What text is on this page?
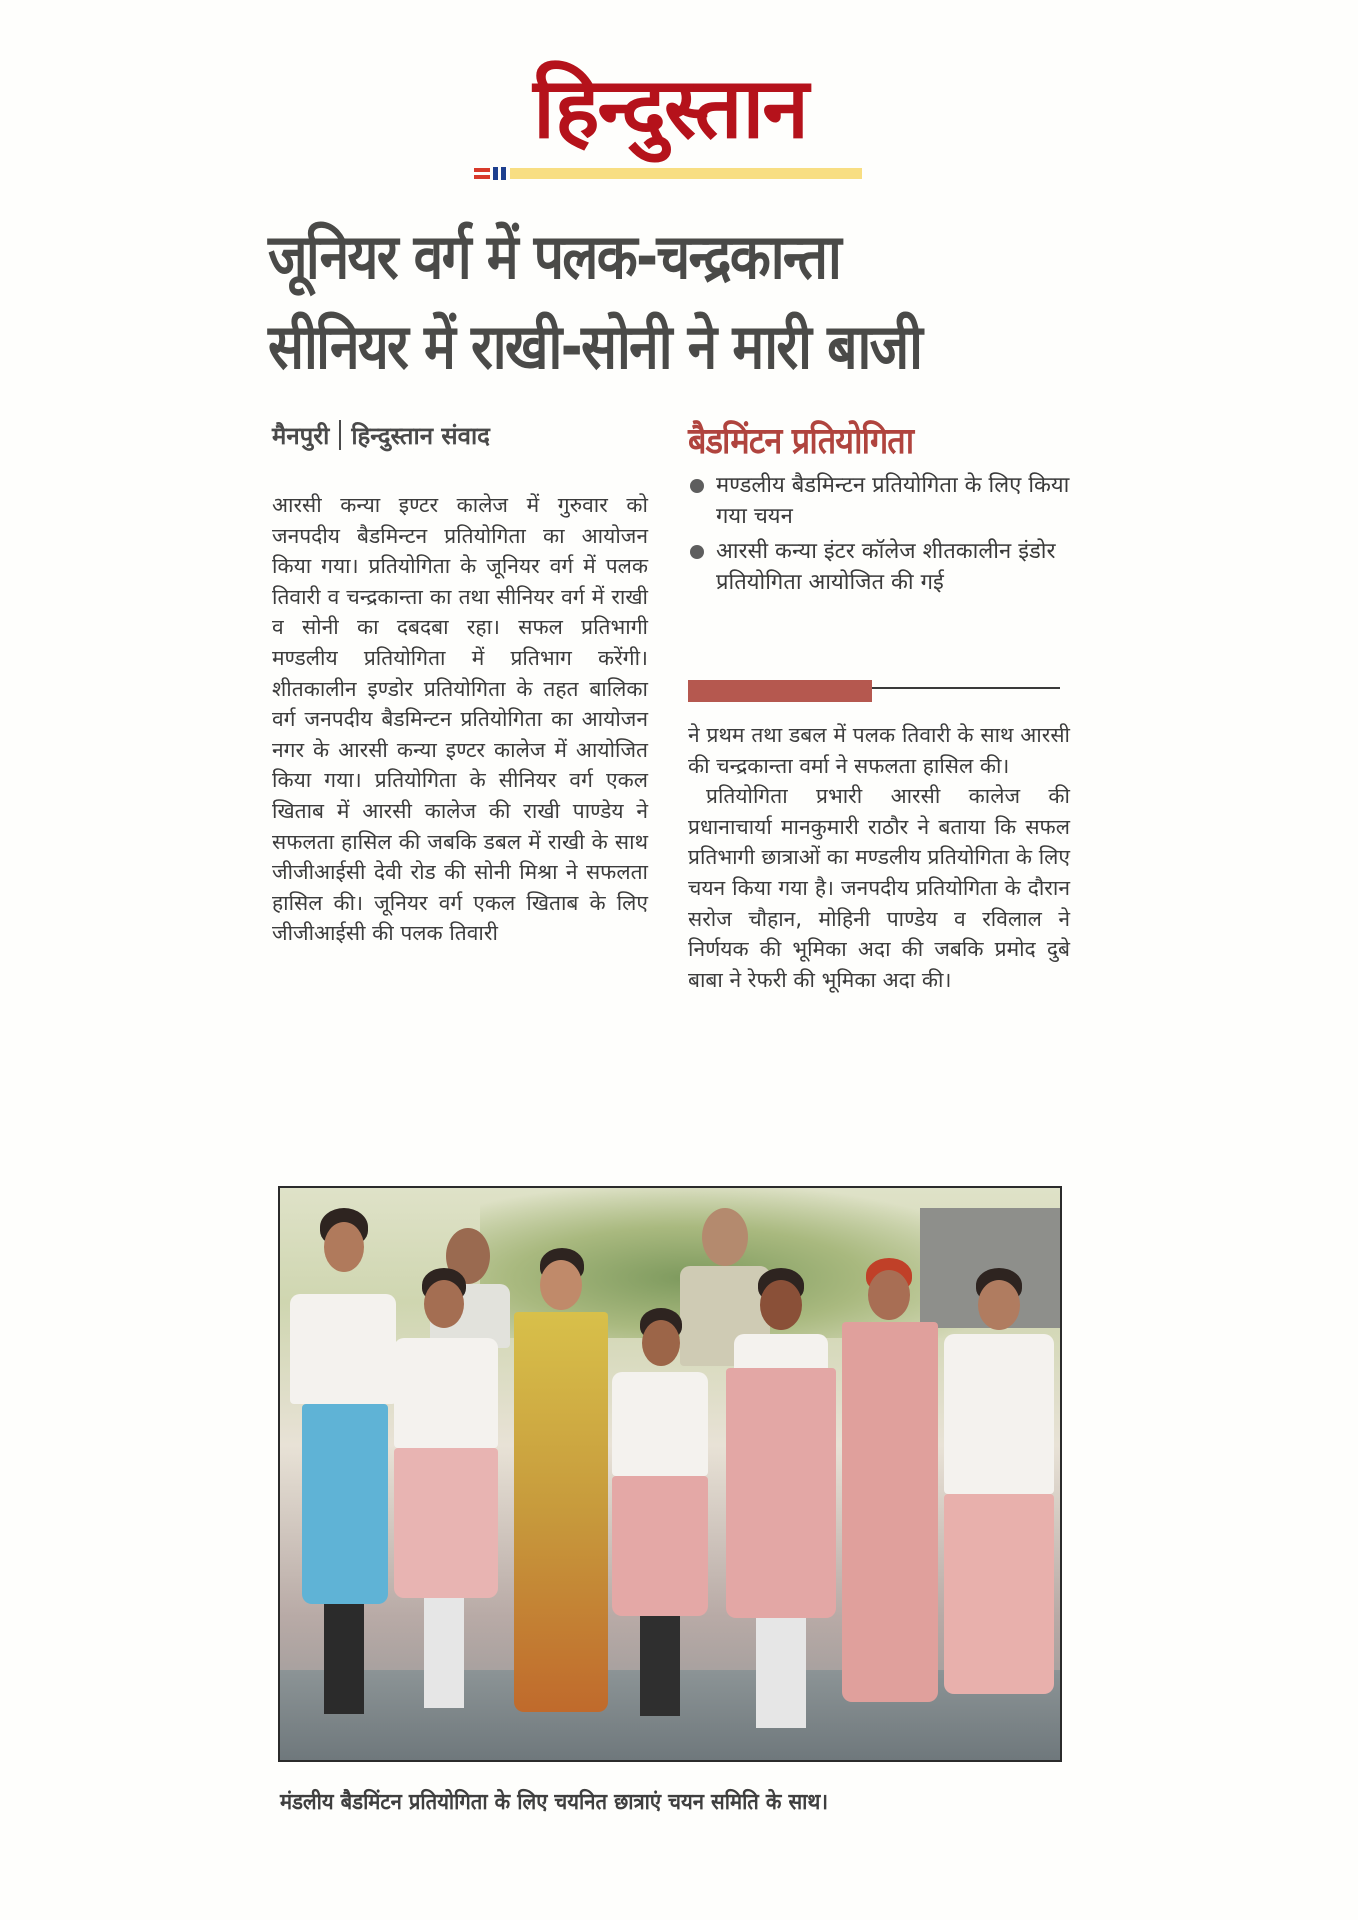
हिन्दुस्तान
जूनियर वर्ग में पलक-चन्द्रकान्ता
सीनियर में राखी-सोनी ने मारी बाजी
मैनपुरी हिन्दुस्तान संवाद

आरसी कन्या इण्टर कालेज में गुरुवार को जनपदीय बैडमिन्टन प्रतियोगिता का आयोजन किया गया। प्रतियोगिता के जूनियर वर्ग में पलक तिवारी व चन्द्रकान्ता का तथा सीनियर वर्ग में राखी व सोनी का दबदबा रहा। सफल प्रतिभागी मण्डलीय प्रतियोगिता में प्रतिभाग करेंगी। शीतकालीन इण्डोर प्रतियोगिता के तहत बालिका वर्ग जनपदीय बैडमिन्टन प्रतियोगिता का आयोजन नगर के आरसी कन्या इण्टर कालेज में आयोजित किया गया। प्रतियोगिता के सीनियर वर्ग एकल खिताब में आरसी कालेज की राखी पाण्डेय ने सफलता हासिल की जबकि डबल में राखी के साथ जीजीआईसी देवी रोड की सोनी मिश्रा ने सफलता हासिल की। जूनियर वर्ग एकल खिताब के लिए जीजीआईसी की पलक तिवारी

बैडमिंटन प्रतियोगिता
मण्डलीय बैडमिन्टन प्रतियोगिता के लिए किया गया चयन
आरसी कन्या इंटर कॉलेज शीतकालीन इंडोर प्रतियोगिता आयोजित की गई

ने प्रथम तथा डबल में पलक तिवारी के साथ आरसी की चन्द्रकान्ता वर्मा ने सफलता हासिल की।

प्रतियोगिता प्रभारी आरसी कालेज की प्रधानाचार्या मानकुमारी राठौर ने बताया कि सफल प्रतिभागी छात्राओं का मण्डलीय प्रतियोगिता के लिए चयन किया गया है। जनपदीय प्रतियोगिता के दौरान सरोज चौहान, मोहिनी पाण्डेय व रविलाल ने निर्णयक की भूमिका अदा की जबकि प्रमोद दुबे बाबा ने रेफरी की भूमिका अदा की।

मंडलीय बैडमिंटन प्रतियोगिता के लिए चयनित छात्राएं चयन समिति के साथ।
